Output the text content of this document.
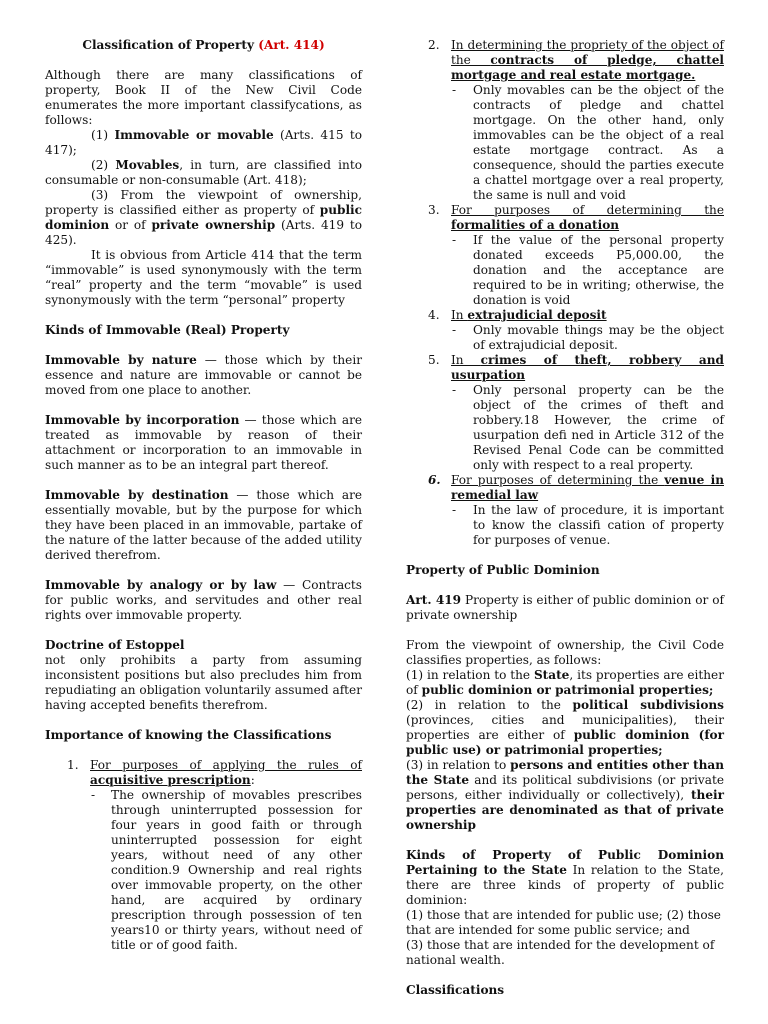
Classification of Property (Art. 414)

Although there are many classifications of property, Book II of the New Civil Code enumerates the more important classifycations, as follows:

(1) Immovable or movable (Arts. 415 to 417);

(2) Movables, in turn, are classified into consumable or non-consumable (Art. 418);

(3) From the viewpoint of ownership, property is classified either as property of public dominion or of private ownership (Arts. 419 to 425).

It is obvious from Article 414 that the term “immovable” is used synonymously with the term “real” property and the term “movable” is used synonymously with the term “personal” property

Kinds of Immovable (Real) Property

Immovable by nature — those which by their essence and nature are immovable or cannot be moved from one place to another.

Immovable by incorporation — those which are treated as immovable by reason of their attachment or incorporation to an immovable in such manner as to be an integral part thereof.

Immovable by destination — those which are essentially movable, but by the purpose for which they have been placed in an immovable, partake of the nature of the latter because of the added utility derived therefrom.

Immovable by analogy or by law — Contracts for public works, and servitudes and other real rights over immovable property.

Doctrine of Estoppel

not only prohibits a party from assuming inconsistent positions but also precludes him from repudiating an obligation voluntarily assumed after having accepted benefits therefrom.

Importance of knowing the Classifications

1. For purposes of applying the rules of acquisitive prescription:
- The ownership of movables prescribes through uninterrupted possession for four years in good faith or through uninterrupted possession for eight years, without need of any other condition.9 Ownership and real rights over immovable property, on the other hand, are acquired by ordinary prescription through possession of ten years10 or thirty years, without need of title or of good faith.
2. In determining the propriety of the object of the contracts of pledge, chattel mortgage and real estate mortgage.
- Only movables can be the object of the contracts of pledge and chattel mortgage. On the other hand, only immovables can be the object of a real estate mortgage contract. As a consequence, should the parties execute a chattel mortgage over a real property, the same is null and void
3. For purposes of determining the formalities of a donation
- If the value of the personal property donated exceeds P5,000.00, the donation and the acceptance are required to be in writing; otherwise, the donation is void
4. In extrajudicial deposit
- Only movable things may be the object of extrajudicial deposit.
5. In crimes of theft, robbery and usurpation
- Only personal property can be the object of the crimes of theft and robbery.18 However, the crime of usurpation defi ned in Article 312 of the Revised Penal Code can be committed only with respect to a real property.
6. For purposes of determining the venue in remedial law
- In the law of procedure, it is important to know the classifi cation of property for purposes of venue.

Property of Public Dominion

Art. 419 Property is either of public dominion or of private ownership

From the viewpoint of ownership, the Civil Code classifies properties, as follows:

(1) in relation to the State, its properties are either of public dominion or patrimonial properties;

(2) in relation to the political subdivisions (provinces, cities and municipalities), their properties are either of public dominion (for public use) or patrimonial properties;

(3) in relation to persons and entities other than the State and its political subdivisions (or private persons, either individually or collectively), their properties are denominated as that of private ownership

Kinds of Property of Public Dominion Pertaining to the State In relation to the State, there are three kinds of property of public dominion:

(1) those that are intended for public use; (2) those that are intended for some public service; and

(3) those that are intended for the development of national wealth.

Classifications
